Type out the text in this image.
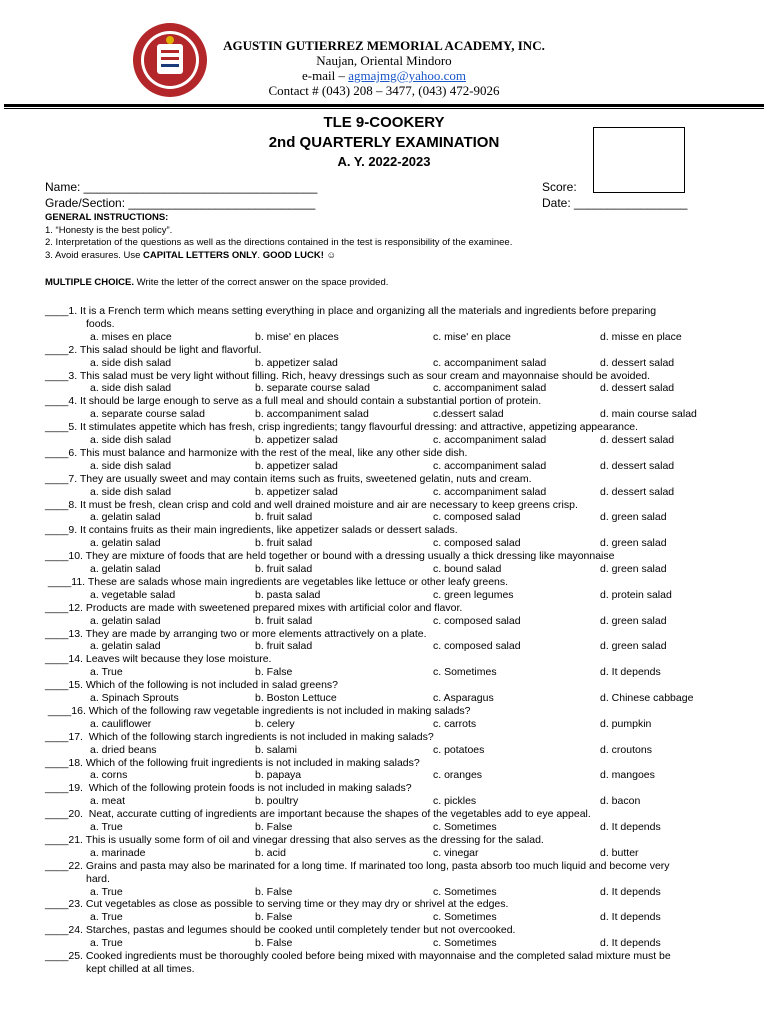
AGUSTIN GUTIERREZ MEMORIAL ACADEMY, INC.
Naujan, Oriental Mindoro
e-mail – agmajmg@yahoo.com
Contact # (043) 208 – 3477, (043) 472-9026
TLE 9-COOKERY
2nd QUARTERLY EXAMINATION
A. Y. 2022-2023
Name: ___________________________________
Grade/Section: ____________________________
Score:
Date: _________________
GENERAL INSTRUCTIONS:
1. “Honesty is the best policy”.
2. Interpretation of the questions as well as the directions contained in the test is responsibility of the examinee.
3. Avoid erasures. Use CAPITAL LETTERS ONLY. GOOD LUCK! ☺
MULTIPLE CHOICE. Write the letter of the correct answer on the space provided.
____1. It is a French term which means setting everything in place and organizing all the materials and ingredients before preparing
foods.
a. mises en place	b. mise' en places	c. mise' en place	d. misse en place
____2. This salad should be light and flavorful.
a. side dish salad	b. appetizer salad	c. accompaniment salad	d. dessert salad
____3. This salad must be very light without filling. Rich, heavy dressings such as sour cream and mayonnaise should be avoided.
a. side dish salad	b. separate course salad	c. accompaniment salad	d. dessert salad
____4. It should be large enough to serve as a full meal and should contain a substantial portion of protein.
a. separate course salad	b. accompaniment salad	c.dessert salad	d. main course salad
____5. It stimulates appetite which has fresh, crisp ingredients; tangy flavourful dressing: and attractive, appetizing appearance.
a. side dish salad	b. appetizer salad	c. accompaniment salad	d. dessert salad
____6. This must balance and harmonize with the rest of the meal, like any other side dish.
a. side dish salad	b. appetizer salad	c. accompaniment salad	d. dessert salad
____7. They are usually sweet and may contain items such as fruits, sweetened gelatin, nuts and cream.
a. side dish salad	b. appetizer salad	c. accompaniment salad	d. dessert salad
____8. It must be fresh, clean crisp and cold and well drained moisture and air are necessary to keep greens crisp.
a. gelatin salad	b. fruit salad	c. composed salad	d. green salad
____9. It contains fruits as their main ingredients, like appetizer salads or dessert salads.
a. gelatin salad	b. fruit salad	c. composed salad	d. green salad
____10. They are mixture of foods that are held together or bound with a dressing usually a thick dressing like mayonnaise
a. gelatin salad	b. fruit salad	c. bound salad	d. green salad
____11. These are salads whose main ingredients are vegetables like lettuce or other leafy greens.
a. vegetable salad	b. pasta salad	c. green legumes	d. protein salad
____12. Products are made with sweetened prepared mixes with artificial color and flavor.
a. gelatin salad	b. fruit salad	c. composed salad	d. green salad
____13. They are made by arranging two or more elements attractively on a plate.
a. gelatin salad	b. fruit salad	c. composed salad	d. green salad
____14. Leaves wilt because they lose moisture.
a. True	b. False	c. Sometimes	d. It depends
____15. Which of the following is not included in salad greens?
a. Spinach Sprouts	b. Boston Lettuce	c. Asparagus	d. Chinese cabbage
____16. Which of the following raw vegetable ingredients is not included in making salads?
a. cauliflower	b. celery	c. carrots	d. pumpkin
____17.  Which of the following starch ingredients is not included in making salads?
a. dried beans	b. salami	c. potatoes	d. croutons
____18. Which of the following fruit ingredients is not included in making salads?
a. corns	b. papaya	c. oranges	d. mangoes
____19.  Which of the following protein foods is not included in making salads?
a. meat	b. poultry	c. pickles	d. bacon
____20.  Neat, accurate cutting of ingredients are important because the shapes of the vegetables add to eye appeal.
a. True	b. False	c. Sometimes	d. It depends
____21. This is usually some form of oil and vinegar dressing that also serves as the dressing for the salad.
a. marinade	b. acid	c. vinegar	d. butter
____22. Grains and pasta may also be marinated for a long time. If marinated too long, pasta absorb too much liquid and become very
hard.
a. True	b. False	c. Sometimes	d. It depends
____23. Cut vegetables as close as possible to serving time or they may dry or shrivel at the edges.
a. True	b. False	c. Sometimes	d. It depends
____24. Starches, pastas and legumes should be cooked until completely tender but not overcooked.
a. True	b. False	c. Sometimes	d. It depends
____25. Cooked ingredients must be thoroughly cooled before being mixed with mayonnaise and the completed salad mixture must be
kept chilled at all times.
